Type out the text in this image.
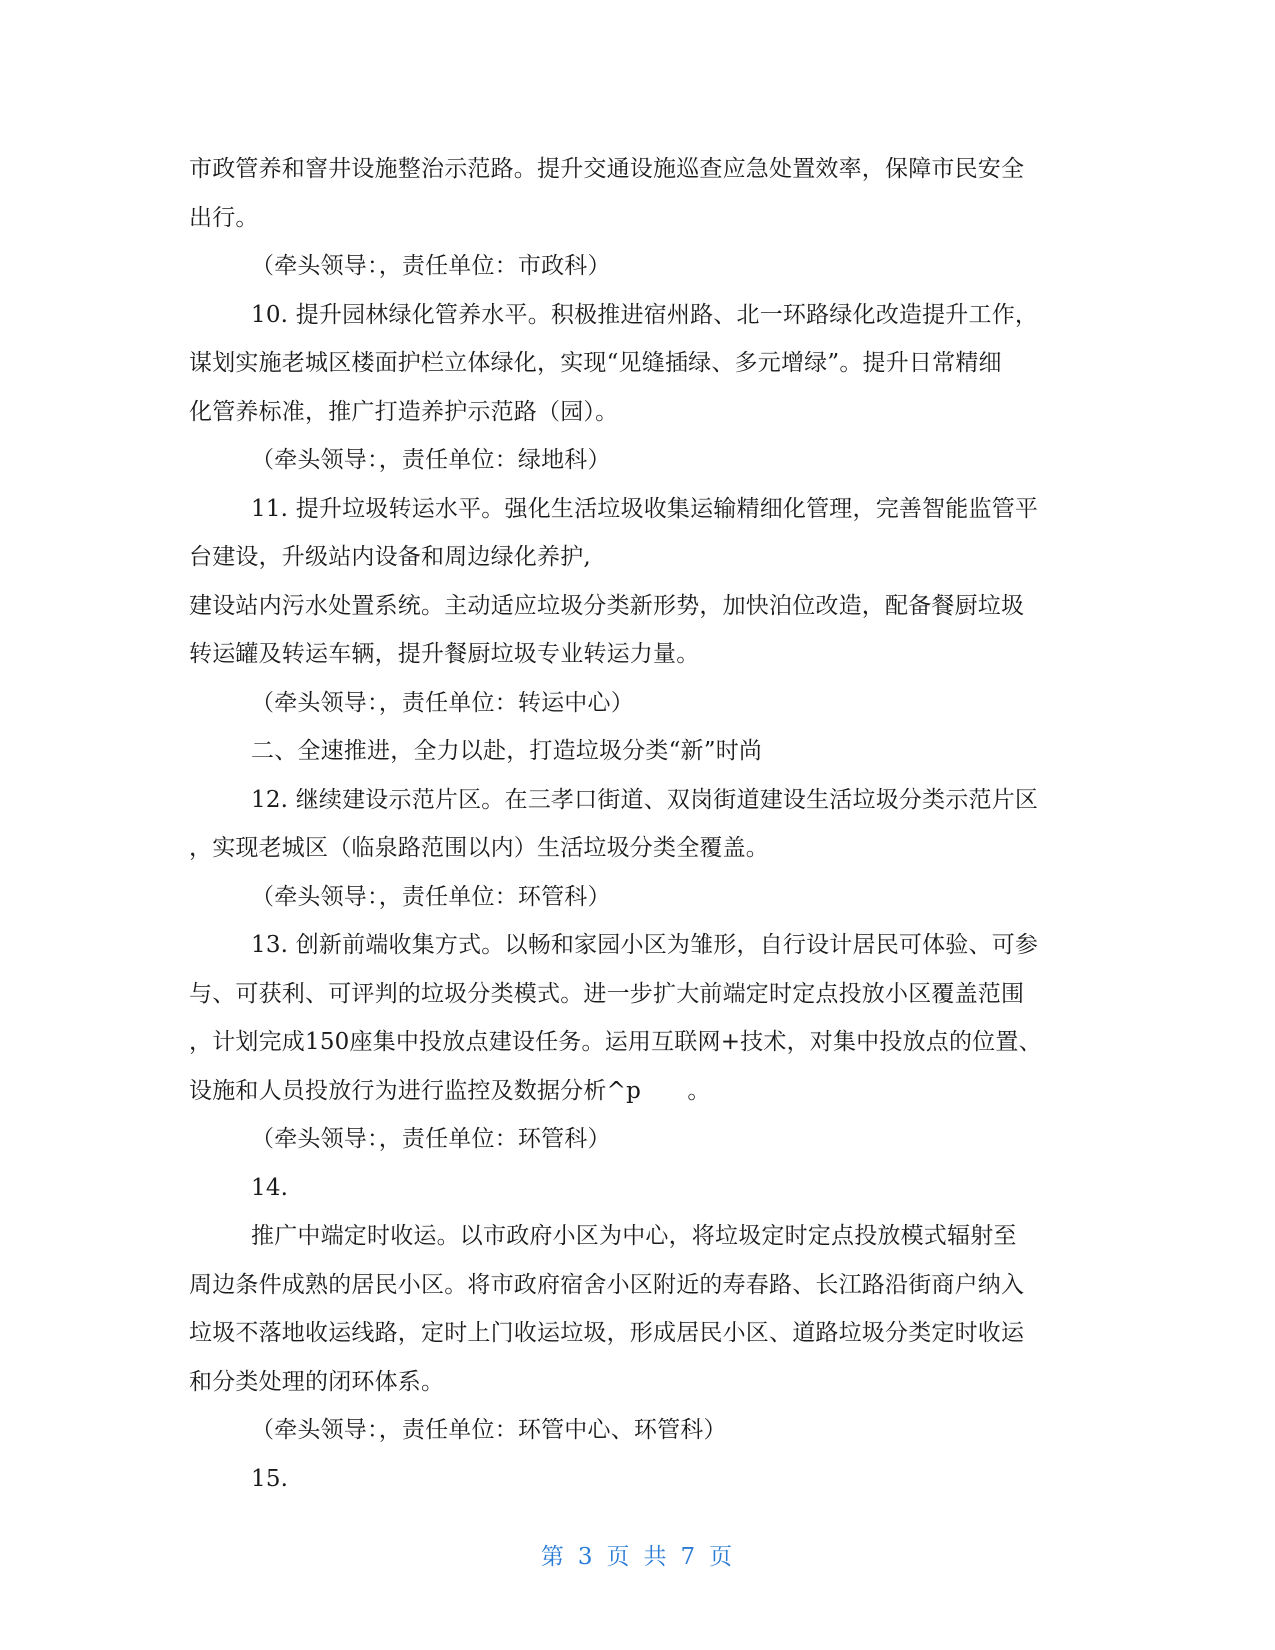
市政管养和窨井设施整治示范路。提升交通设施巡查应急处置效率，保障市民安全
出行。
（牵头领导：，责任单位：市政科）
10. 提升园林绿化管养水平。积极推进宿州路、北一环路绿化改造提升工作，
谋划实施老城区楼面护栏立体绿化，实现“见缝插绿、多元增绿”。提升日常精细
化管养标准，推广打造养护示范路（园）。
（牵头领导：，责任单位：绿地科）
11. 提升垃圾转运水平。强化生活垃圾收集运输精细化管理，完善智能监管平
台建设，升级站内设备和周边绿化养护,
建设站内污水处置系统。主动适应垃圾分类新形势，加快泊位改造，配备餐厨垃圾
转运罐及转运车辆，提升餐厨垃圾专业转运力量。
（牵头领导：，责任单位：转运中心）
二、全速推进，全力以赴，打造垃圾分类“新”时尚
12. 继续建设示范片区。在三孝口街道、双岗街道建设生活垃圾分类示范片区
，实现老城区（临泉路范围以内）生活垃圾分类全覆盖。
（牵头领导：，责任单位：环管科）
13. 创新前端收集方式。以畅和家园小区为雏形，自行设计居民可体验、可参
与、可获利、可评判的垃圾分类模式。进一步扩大前端定时定点投放小区覆盖范围
，计划完成150座集中投放点建设任务。运用互联网+技术，对集中投放点的位置、
设施和人员投放行为进行监控及数据分析^p　　。
（牵头领导：，责任单位：环管科）
14.
推广中端定时收运。以市政府小区为中心，将垃圾定时定点投放模式辐射至
周边条件成熟的居民小区。将市政府宿舍小区附近的寿春路、长江路沿街商户纳入
垃圾不落地收运线路，定时上门收运垃圾，形成居民小区、道路垃圾分类定时收运
和分类处理的闭环体系。
（牵头领导：，责任单位：环管中心、环管科）
15.
第 3 页 共 7 页
